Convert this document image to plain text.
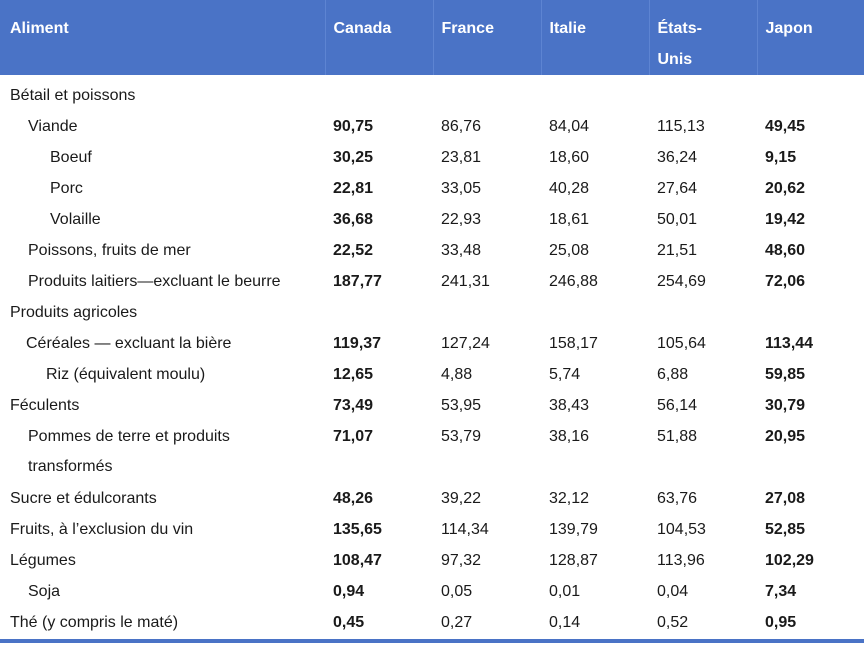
Aliment	Canada	France	Italie	États-Unis	Japon
Bétail et poissons					
Viande	90,75	86,76	84,04	115,13	49,45
Boeuf	30,25	23,81	18,60	36,24	9,15
Porc	22,81	33,05	40,28	27,64	20,62
Volaille	36,68	22,93	18,61	50,01	19,42
Poissons, fruits de mer	22,52	33,48	25,08	21,51	48,60
Produits laitiers—excluant le beurre	187,77	241,31	246,88	254,69	72,06
Produits agricoles					
Céréales — excluant la bière	119,37	127,24	158,17	105,64	113,44
Riz (équivalent moulu)	12,65	4,88	5,74	6,88	59,85
Féculents	73,49	53,95	38,43	56,14	30,79
Pommes de terre et produits transformés	71,07	53,79	38,16	51,88	20,95
Sucre et édulcorants	48,26	39,22	32,12	63,76	27,08
Fruits, à l’exclusion du vin	135,65	114,34	139,79	104,53	52,85
Légumes	108,47	97,32	128,87	113,96	102,29
Soja	0,94	0,05	0,01	0,04	7,34
Thé (y compris le maté)	0,45	0,27	0,14	0,52	0,95
